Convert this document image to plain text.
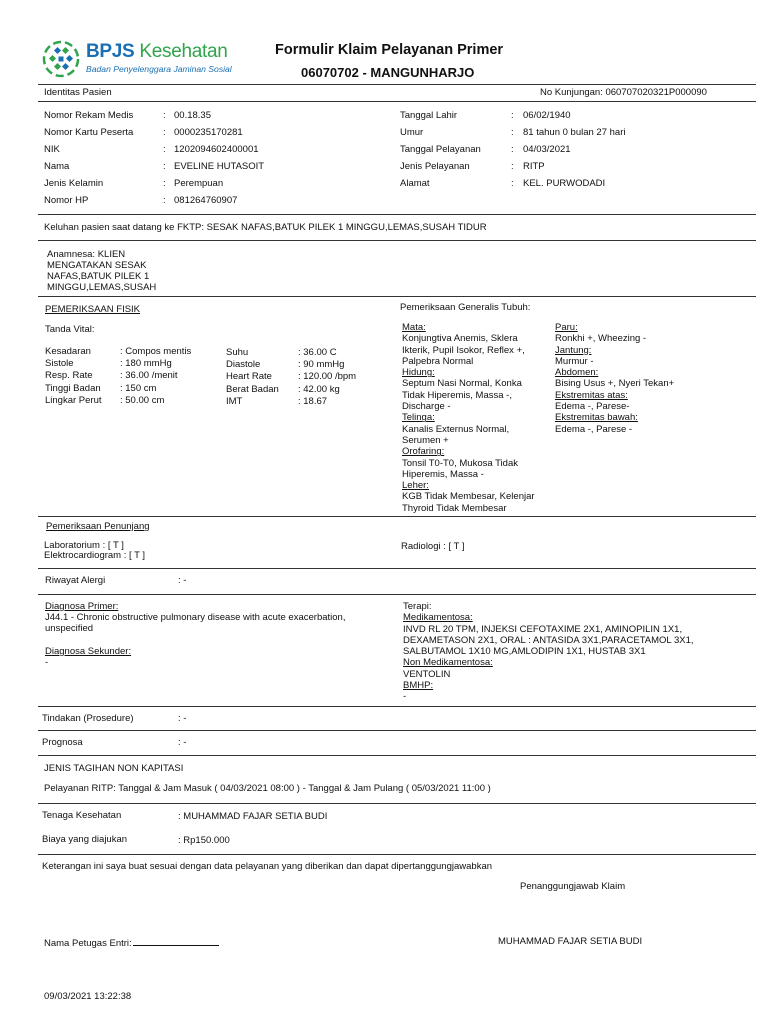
BPJS Kesehatan
Badan Penyelenggara Jaminan Sosial
Formulir Klaim Pelayanan Primer
06070702 - MANGUNHARJO
Identitas Pasien	No Kunjungan: 060707020321P000090
Nomor Rekam Medis	: 00.18.35
Nomor Kartu Peserta	: 0000235170281
NIK	: 1202094602400001
Nama	: EVELINE HUTASOIT
Jenis Kelamin	: Perempuan
Nomor HP	: 081264760907
Tanggal Lahir	: 06/02/1940
Umur	: 81 tahun 0 bulan 27 hari
Tanggal Pelayanan	: 04/03/2021
Jenis Pelayanan	: RITP
Alamat	: KEL. PURWODADI
Keluhan pasien saat datang ke FKTP: SESAK NAFAS,BATUK PILEK 1 MINGGU,LEMAS,SUSAH TIDUR
Anamnesa: KLIEN
MENGATAKAN SESAK
NAFAS,BATUK PILEK 1
MINGGU,LEMAS,SUSAH
PEMERIKSAAN FISIK	Pemeriksaan Generalis Tubuh:
Tanda Vital:
Kesadaran	: Compos mentis
Sistole	: 180 mmHg
Resp. Rate	: 36.00 /menit
Tinggi Badan : 150 cm
Lingkar Perut : 50.00 cm
Suhu	: 36.00 C
Diastole	: 90 mmHg
Heart Rate	: 120.00 /bpm
Berat Badan : 42.00 kg
IMT	: 18.67
Mata:
Konjungtiva Anemis, Sklera
Ikterik, Pupil Isokor, Reflex +,
Palpebra Normal
Hidung:
Septum Nasi Normal, Konka
Tidak Hiperemis, Massa -,
Discharge -
Telinga:
Kanalis Externus Normal,
Serumen +
Orofaring:
Tonsil T0-T0, Mukosa Tidak
Hiperemis, Massa -
Leher:
KGB Tidak Membesar, Kelenjar
Thyroid Tidak Membesar
Paru:
Ronkhi +, Wheezing -
Jantung:
Murmur -
Abdomen:
Bising Usus +, Nyeri Tekan+
Ekstremitas atas:
Edema -, Parese-
Ekstremitas bawah:
Edema -, Parese -
Pemeriksaan Penunjang
Laboratorium : [ T ]
Elektrocardiogram : [ T ]
Radiologi : [ T ]
Riwayat Alergi	: -
Diagnosa Primer:
J44.1 - Chronic obstructive pulmonary disease with acute exacerbation,
unspecified
Diagnosa Sekunder:
-
Terapi:
Medikamentosa:
INVD RL 20 TPM, INJEKSI CEFOTAXIME 2X1, AMINOPILIN 1X1,
DEXAMETASON 2X1, ORAL : ANTASIDA 3X1,PARACETAMOL 3X1,
SALBUTAMOL 1X10 MG,AMLODIPIN 1X1, HUSTAB 3X1
Non Medikamentosa:
VENTOLIN
BMHP:
-
Tindakan (Prosedure)	: -
Prognosa	: -
JENIS TAGIHAN NON KAPITASI
Pelayanan RITP: Tanggal & Jam Masuk ( 04/03/2021 08:00 ) - Tanggal & Jam Pulang ( 05/03/2021 11:00 )
Tenaga Kesehatan	: MUHAMMAD FAJAR SETIA BUDI
Biaya yang diajukan	: Rp150.000
Keterangan ini saya buat sesuai dengan data pelayanan yang diberikan dan dapat dipertanggungjawabkan
Penanggungjawab Klaim
Nama Petugas Entri:	MUHAMMAD FAJAR SETIA BUDI
09/03/2021 13:22:38
